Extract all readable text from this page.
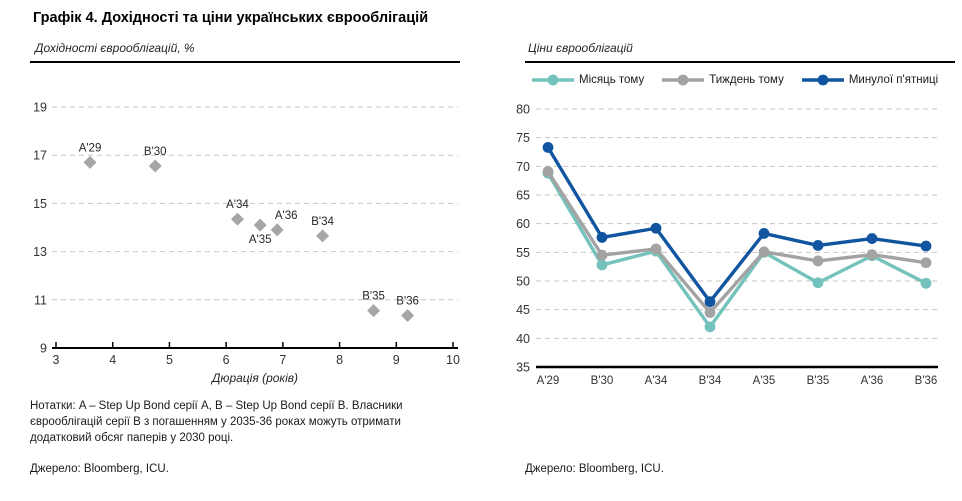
Графік 4. Дохідності та ціни українських єврооблігацій
Дохідності єврооблігацій, %
9
11
13
15
17
19
3	4	5	6	7	8	9	10
Дюрація (років)
A'29	B'30
A'34
A'35
A'36
B'34
B'35 B'36
Нотатки: A – Step Up Bond серії A, B – Step Up Bond серії B. Власники єврооблігацій серії B з погашенням у 2035-36 роках можуть отримати додатковий обсяг паперів у 2030 році.
Джерело: Bloomberg, ICU.
Ціни єврооблігацій
Місяць тому	Тиждень тому	Минулої п'ятниці
35
40
45
50
55
60
65
70
75
80
A'29	B'30	A'34	B'34	A'35	B'35	A'36	B'36
Джерело: Bloomberg, ICU.
